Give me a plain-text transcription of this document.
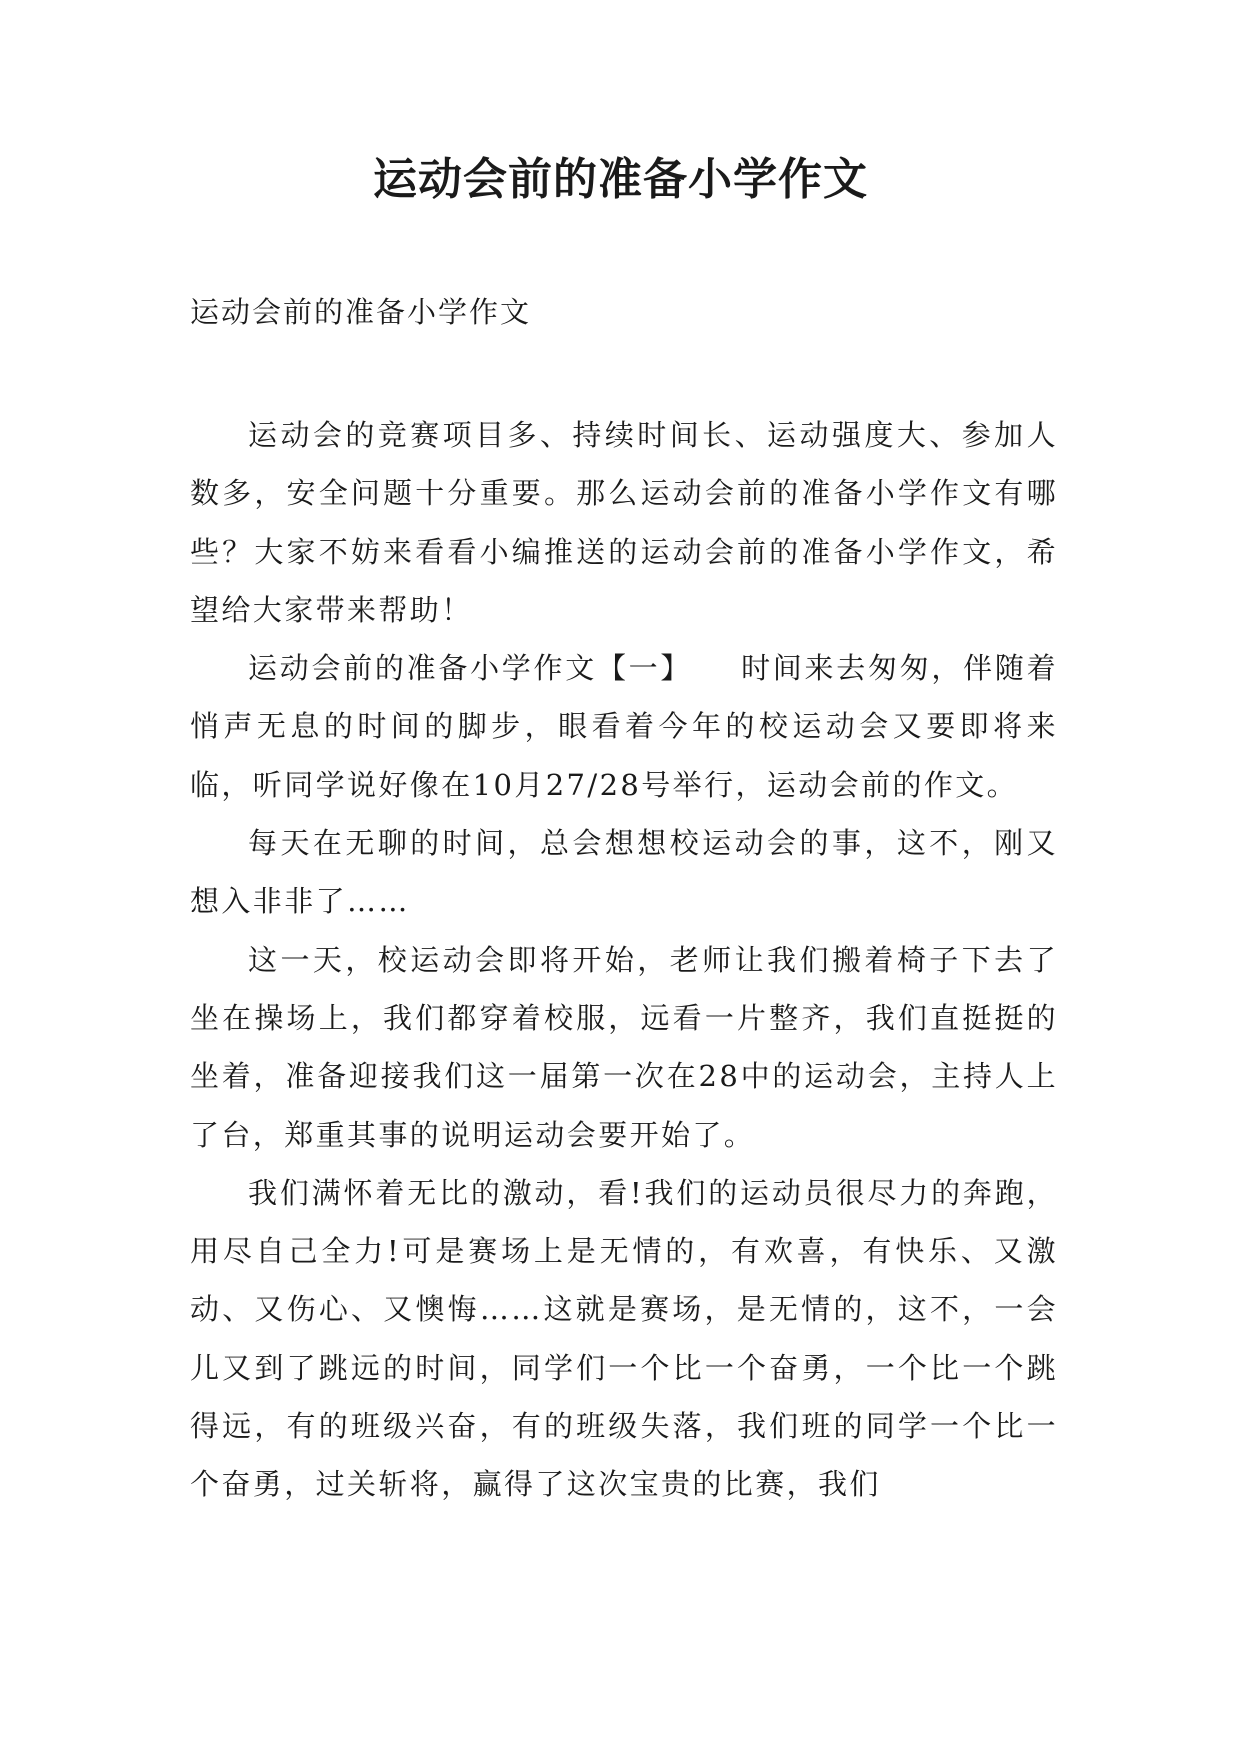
运动会前的准备小学作文
运动会前的准备小学作文

运动会的竞赛项目多、持续时间长、运动强度大、参加人数多，安全问题十分重要。那么运动会前的准备小学作文有哪些？大家不妨来看看小编推送的运动会前的准备小学作文，希望给大家带来帮助！

运动会前的准备小学作文【一】　　时间来去匆匆，伴随着悄声无息的时间的脚步，眼看着今年的校运动会又要即将来临，听同学说好像在10月27/28号举行，运动会前的作文。

每天在无聊的时间，总会想想校运动会的事，这不，刚又想入非非了……

这一天，校运动会即将开始，老师让我们搬着椅子下去了坐在操场上，我们都穿着校服，远看一片整齐，我们直挺挺的坐着，准备迎接我们这一届第一次在28中的运动会，主持人上了台，郑重其事的说明运动会要开始了。

我们满怀着无比的激动，看!我们的运动员很尽力的奔跑，用尽自己全力!可是赛场上是无情的，有欢喜，有快乐、又激动、又伤心、又懊悔……这就是赛场，是无情的，这不，一会儿又到了跳远的时间，同学们一个比一个奋勇，一个比一个跳得远，有的班级兴奋，有的班级失落，我们班的同学一个比一个奋勇，过关斩将，赢得了这次宝贵的比赛，我们
